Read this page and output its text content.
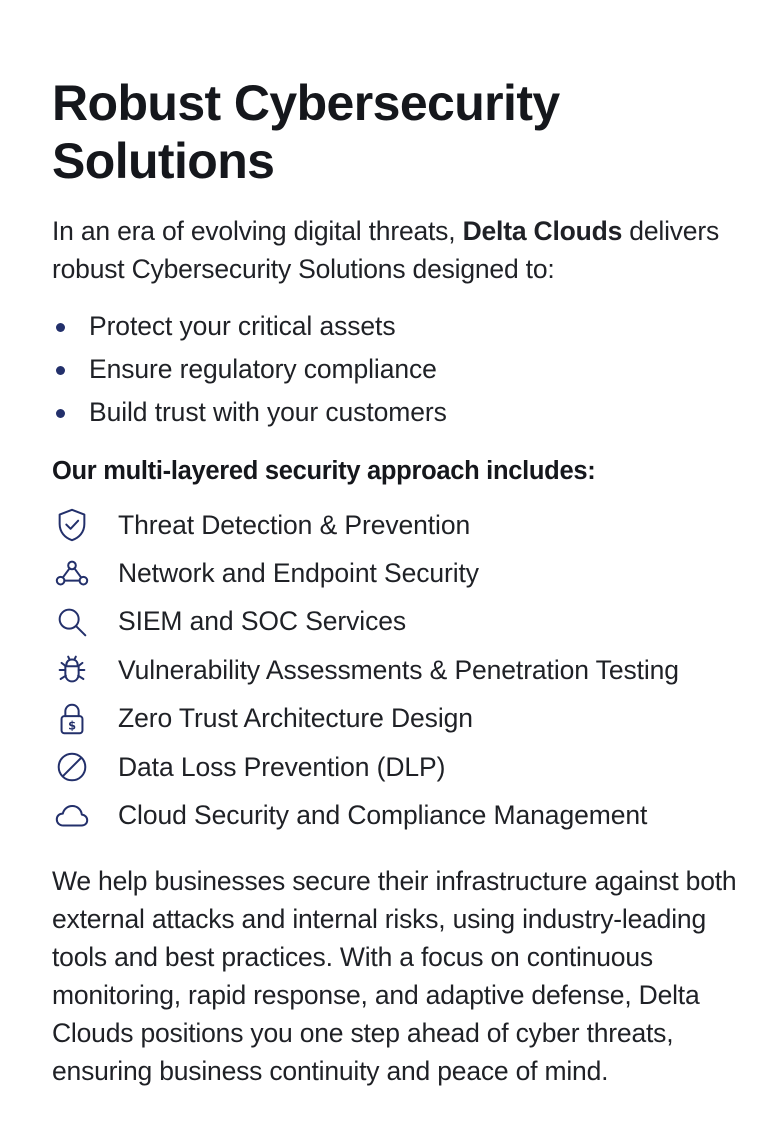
Robust Cybersecurity Solutions

In an era of evolving digital threats, Delta Clouds delivers robust Cybersecurity Solutions designed to:

Protect your critical assets
Ensure regulatory compliance
Build trust with your customers
Our multi-layered security approach includes:
Threat Detection & Prevention
Network and Endpoint Security
SIEM and SOC Services
Vulnerability Assessments & Penetration Testing
$ Zero Trust Architecture Design
Data Loss Prevention (DLP)
Cloud Security and Compliance Management

We help businesses secure their infrastructure against both external attacks and internal risks, using industry-leading tools and best practices. With a focus on continuous monitoring, rapid response, and adaptive defense, Delta Clouds positions you one step ahead of cyber threats, ensuring business continuity and peace of mind.
